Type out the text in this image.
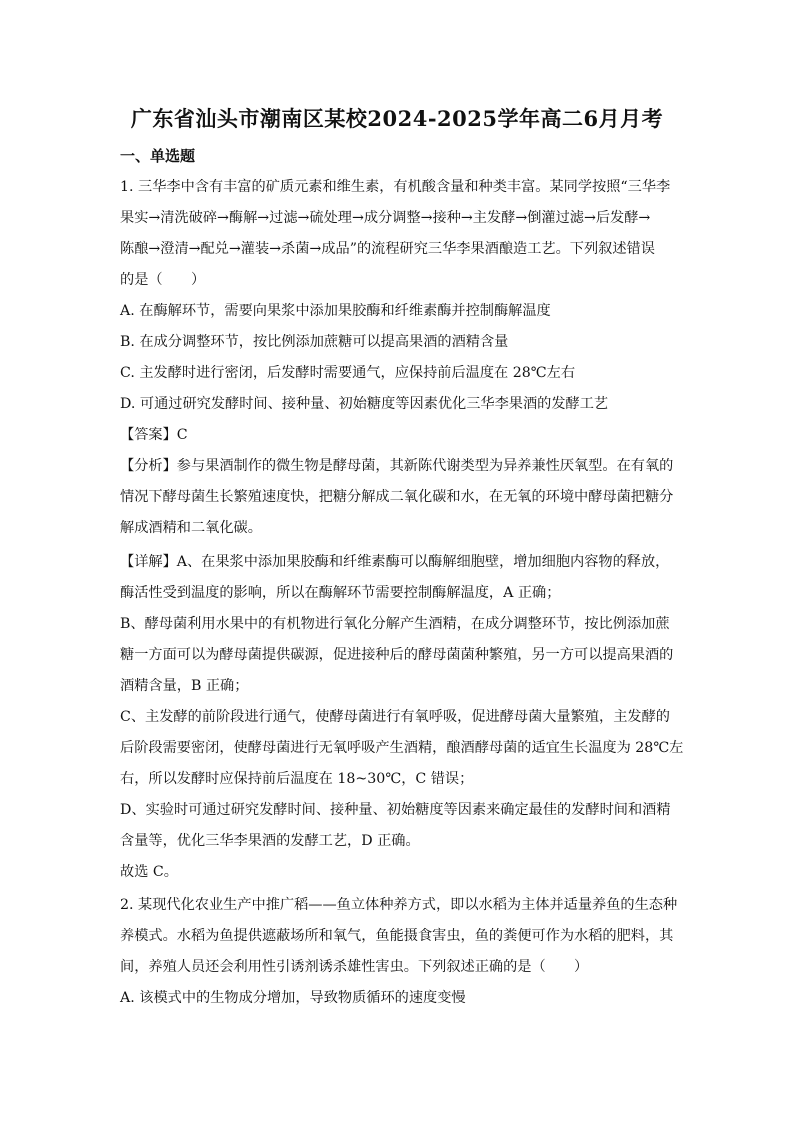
广东省汕头市潮南区某校2024-2025学年高二6月月考
一、单选题
1. 三华李中含有丰富的矿质元素和维生素，有机酸含量和种类丰富。某同学按照“三华李
果实→清洗破碎→酶解→过滤→硫处理→成分调整→接种→主发酵→倒灌过滤→后发酵→
陈酿→澄清→配兑→灌装→杀菌→成品”的流程研究三华李果酒酿造工艺。下列叙述错误
的是（　　）
A. 在酶解环节，需要向果浆中添加果胶酶和纤维素酶并控制酶解温度
B. 在成分调整环节，按比例添加蔗糖可以提高果酒的酒精含量
C. 主发酵时进行密闭，后发酵时需要通气，应保持前后温度在 28℃左右
D. 可通过研究发酵时间、接种量、初始糖度等因素优化三华李果酒的发酵工艺
【答案】C
【分析】参与果酒制作的微生物是酵母菌，其新陈代谢类型为异养兼性厌氧型。在有氧的
情况下酵母菌生长繁殖速度快，把糖分解成二氧化碳和水，在无氧的环境中酵母菌把糖分
解成酒精和二氧化碳。
【详解】A、在果浆中添加果胶酶和纤维素酶可以酶解细胞壁，增加细胞内容物的释放，
酶活性受到温度的影响，所以在酶解环节需要控制酶解温度，A 正确；
B、酵母菌利用水果中的有机物进行氧化分解产生酒精，在成分调整环节，按比例添加蔗
糖一方面可以为酵母菌提供碳源，促进接种后的酵母菌菌种繁殖，另一方可以提高果酒的
酒精含量，B 正确；
C、主发酵的前阶段进行通气，使酵母菌进行有氧呼吸，促进酵母菌大量繁殖，主发酵的
后阶段需要密闭，使酵母菌进行无氧呼吸产生酒精，酿酒酵母菌的适宜生长温度为 28℃左
右，所以发酵时应保持前后温度在 18~30℃，C 错误；
D、实验时可通过研究发酵时间、接种量、初始糖度等因素来确定最佳的发酵时间和酒精
含量等，优化三华李果酒的发酵工艺，D 正确。
故选 C。
2. 某现代化农业生产中推广稻——鱼立体种养方式，即以水稻为主体并适量养鱼的生态种
养模式。水稻为鱼提供遮蔽场所和氧气，鱼能摄食害虫，鱼的粪便可作为水稻的肥料，其
间，养殖人员还会利用性引诱剂诱杀雄性害虫。下列叙述正确的是（　　）
A. 该模式中的生物成分增加，导致物质循环的速度变慢
